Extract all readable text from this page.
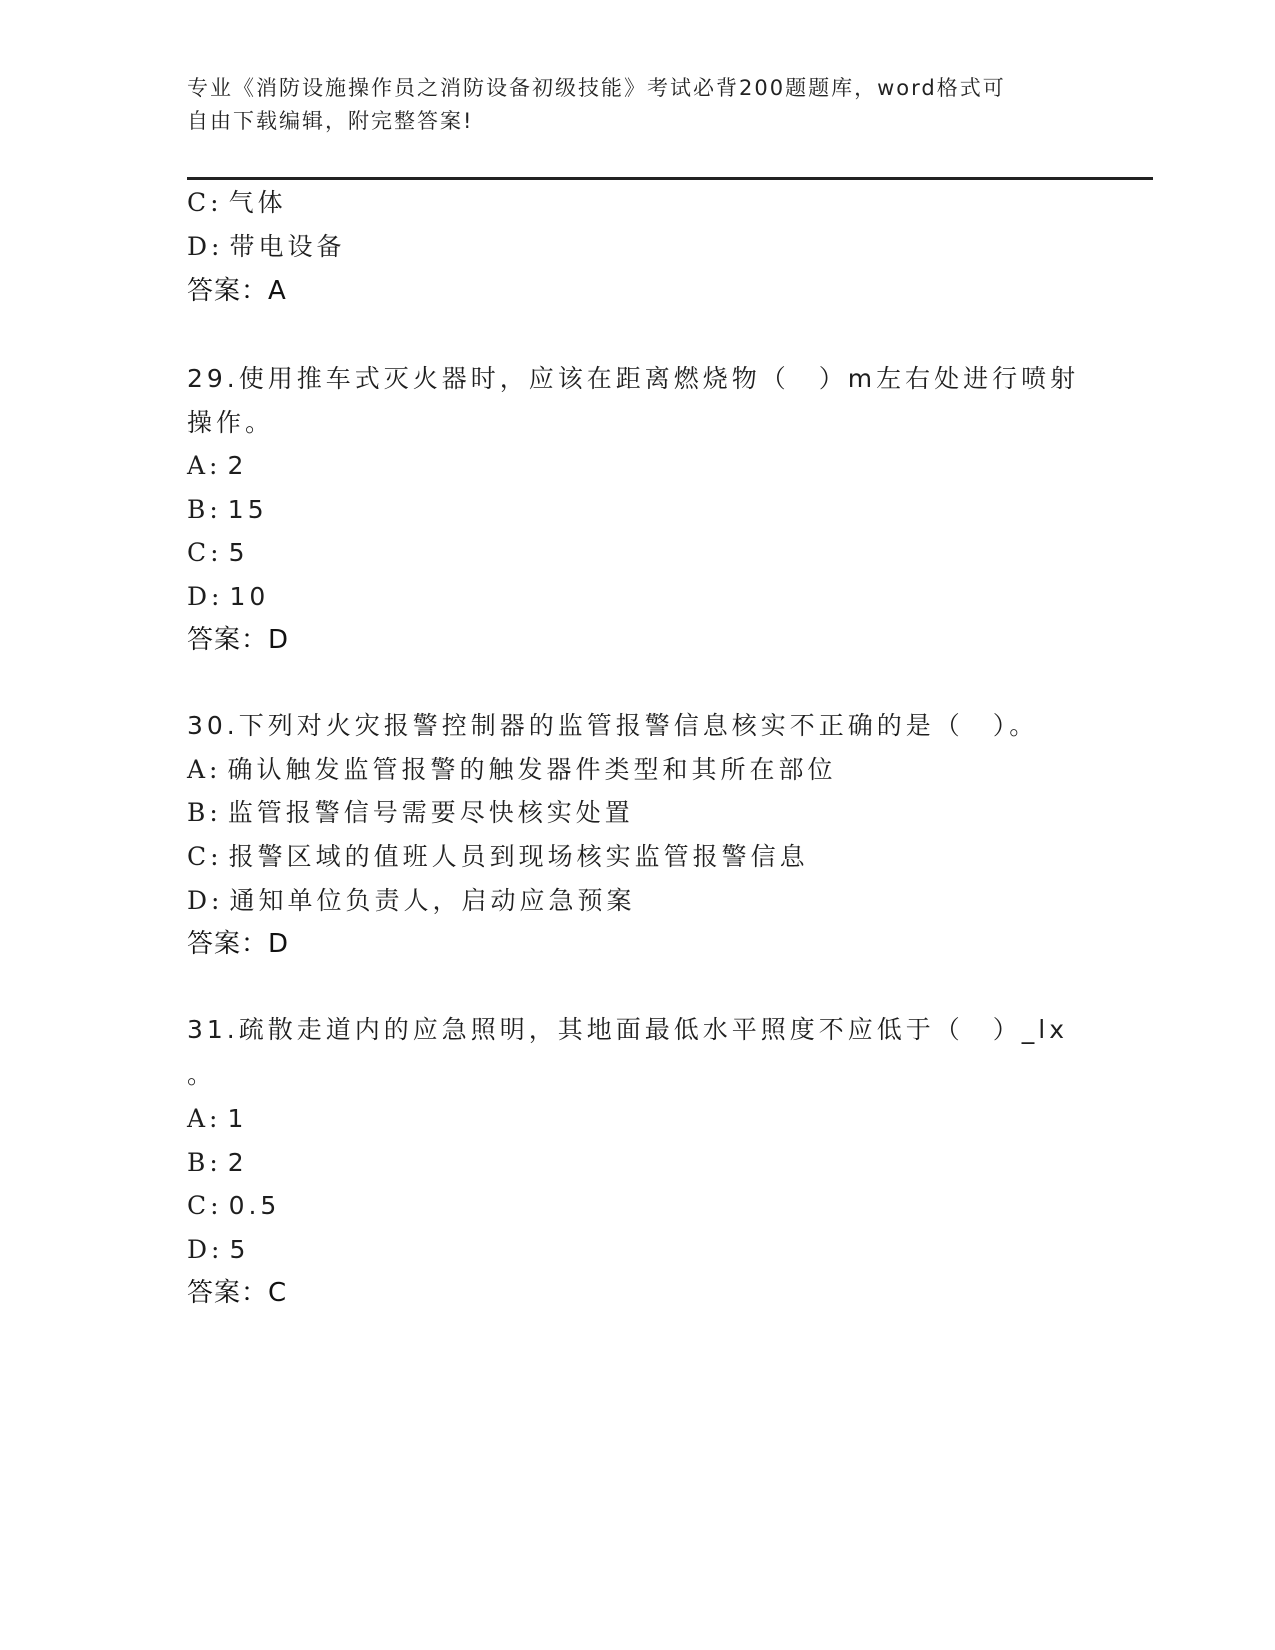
专业《消防设施操作员之消防设备初级技能》考试必背200题题库，word格式可
自由下载编辑，附完整答案!
C: 气体
D: 带电设备
答案：A
29.使用推车式灭火器时，应该在距离燃烧物（　）m左右处进行喷射
操作。
A: 2
B: 15
C: 5
D: 10
答案：D
30.下列对火灾报警控制器的监管报警信息核实不正确的是（　）。
A: 确认触发监管报警的触发器件类型和其所在部位
B: 监管报警信号需要尽快核实处置
C: 报警区域的值班人员到现场核实监管报警信息
D: 通知单位负责人，启动应急预案
答案：D
31.疏散走道内的应急照明，其地面最低水平照度不应低于（　）_lx
。
A: 1
B: 2
C: 0.5
D: 5
答案：C
